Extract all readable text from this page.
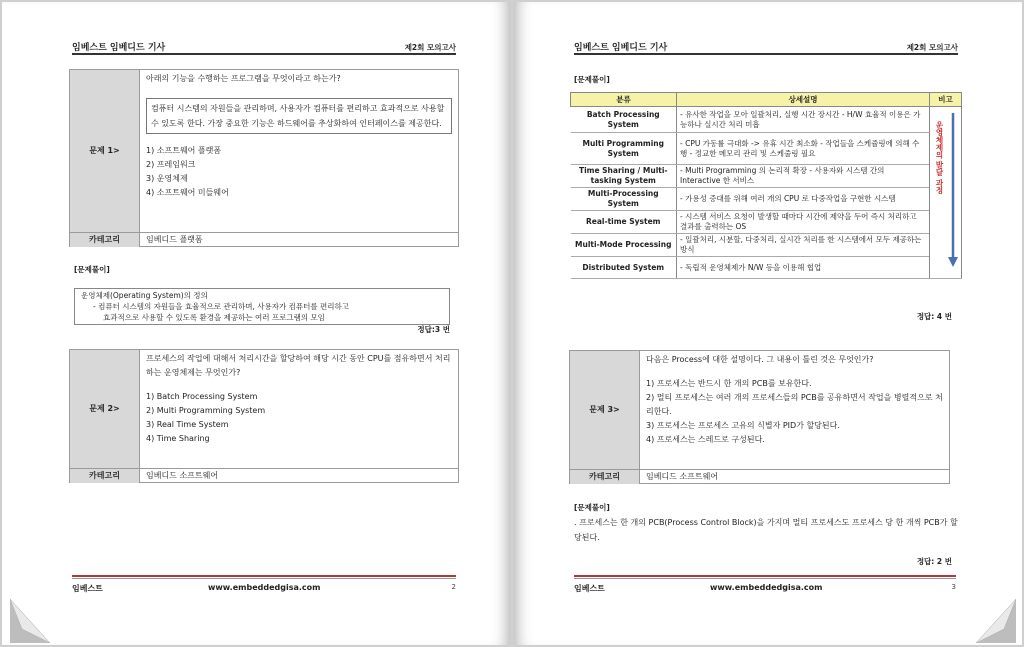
임베스트 임베디드 기사	제2회 모의고사
문제 1>
아래의 기능을 수행하는 프로그램을 무엇이라고 하는가?
컴퓨터 시스템의 자원들을 관리하며, 사용자가 컴퓨터를 편리하고 효과적으로 사용할 수 있도록 한다. 가장 중요한 기능은 하드웨어를 추상화하여 인터페이스를 제공한다.
1) 소프트웨어 플랫폼
2) 프레임워크
3) 운영체제
4) 소프트웨어 미들웨어
카테고리	임베디드 플랫폼
[문제풀이]
운영체제(Operating System)의 정의
- 컴퓨터 시스템의 자원들을 효율적으로 관리하며, 사용자가 컴퓨터를 편리하고
효과적으로 사용할 수 있도록 환경을 제공하는 여러 프로그램의 모임
정답:3 번
문제 2>
프로세스의 작업에 대해서 처리시간을 할당하여 해당 시간 동안 CPU를 점유하면서 처리하는 운영체제는 무엇인가?
1) Batch Processing System
2) Multi Programming System
3) Real Time System
4) Time Sharing
카테고리	임베디드 소프트웨어
임베스트	www.embeddedgisa.com	2
임베스트 임베디드 기사	제2회 모의고사
[문제풀이]
분류	상세설명	비고
Batch Processing System	- 유사한 작업을 모아 일괄처리, 실행 시간 장시간 - H/W 효율적 이용은 가능하나 실시간 처리 미흡	운영체제의 발달 과정

Multi Programming System	- CPU 가동률 극대화 -> 유휴 시간 최소화 - 작업들을 스케쥴링에 의해 수행 - 정교한 메모리 관리 및 스케줄링 필요	
Time Sharing / Multi-tasking System	- Multi Programming 의 논리적 확장 - 사용자와 시스템 간의 Interactive 한 서비스	
Multi-Processing System	- 가용성 증대를 위해 여러 개의 CPU 로 다중작업을 구현한 시스템	
Real-time System	- 시스템 서비스 요청이 발생할 때마다 시간에 제약을 두어 즉시 처리하고 결과를 출력하는 OS	
Multi-Mode Processing	- 일괄처리, 시분할, 다중처리, 실시간 처리를 한 시스템에서 모두 제공하는 방식	
Distributed System	- 독립적 운영체제가 N/W 등을 이용해 협업	
정답: 4 번
문제 3>
다음은 Process에 대한 설명이다. 그 내용이 틀린 것은 무엇인가?
1) 프로세스는 반드시 한 개의 PCB를 보유한다.
2) 멀티 프로세스는 여러 개의 프로세스들의 PCB를 공유하면서 작업을 병렬적으로 처리한다.
3) 프로세스는 프로세스 고유의 식별자 PID가 할당된다.
4) 프로세스는 스레드로 구성된다.
카테고리	임베디드 소프트웨어
[문제풀이]
. 프로세스는 한 개의 PCB(Process Control Block)을 가지며 멀티 프로세스도 프로세스 당 한 개씩 PCB가 할당된다.
정답: 2 번
임베스트	www.embeddedgisa.com	3
